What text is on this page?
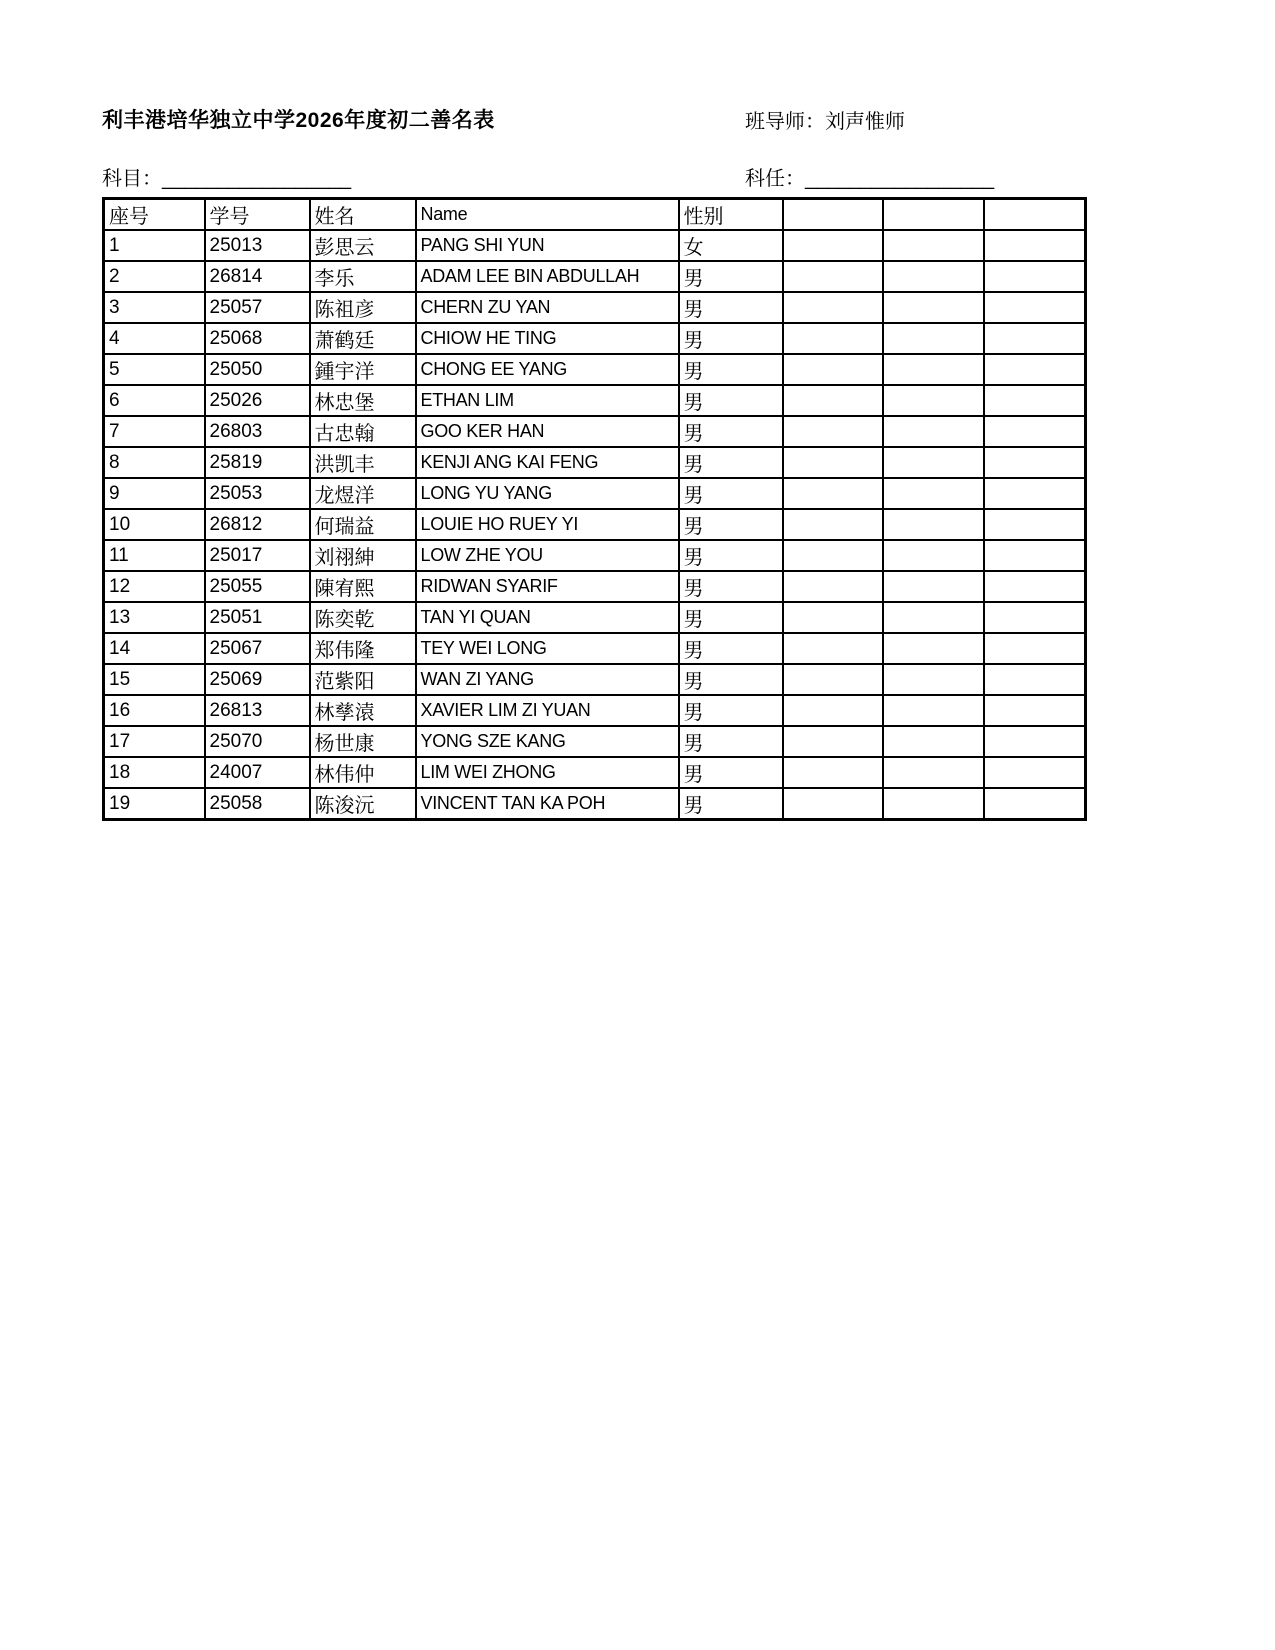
利丰港培华独立中学2026年度初二善名表	班导师：刘声惟师
科目：_________________	科任：_________________
座号	学号	姓名	Name	性别			
1	25013	彭思云	PANG SHI YUN	女			
2	26814	李乐	ADAM LEE BIN ABDULLAH	男			
3	25057	陈祖彦	CHERN ZU YAN	男			
4	25068	萧鹤廷	CHIOW HE TING	男			
5	25050	鍾宇洋	CHONG EE YANG	男			
6	25026	林忠堡	ETHAN LIM	男			
7	26803	古忠翰	GOO KER HAN	男			
8	25819	洪凯丰	KENJI ANG KAI FENG	男			
9	25053	龙煜洋	LONG YU YANG	男			
10	26812	何瑞益	LOUIE HO RUEY YI	男			
11	25017	刘祤紳	LOW ZHE YOU	男			
12	25055	陳宥熙	RIDWAN SYARIF	男			
13	25051	陈奕乾	TAN YI QUAN	男			
14	25067	郑伟隆	TEY WEI LONG	男			
15	25069	范紫阳	WAN ZI YANG	男			
16	26813	林孳溒	XAVIER LIM ZI YUAN	男			
17	25070	杨世康	YONG SZE KANG	男			
18	24007	林伟仲	LIM WEI ZHONG	男			
19	25058	陈浚沅	VINCENT TAN KA POH	男			
